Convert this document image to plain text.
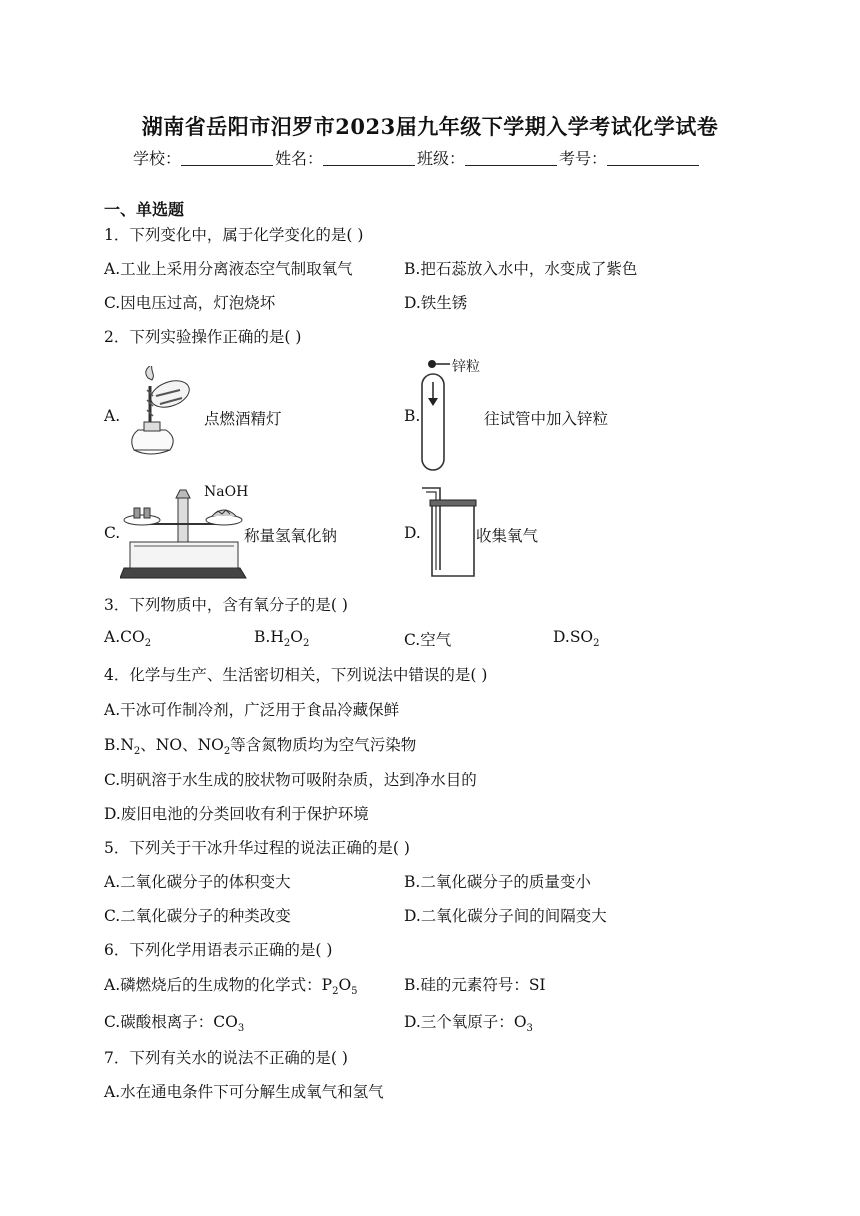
湖南省岳阳市汨罗市2023届九年级下学期入学考试化学试卷
学校：	姓名：	班级：	考号：
一、单选题
1．下列变化中，属于化学变化的是( )
A.工业上采用分离液态空气制取氧气	B.把石蕊放入水中，水变成了紫色
C.因电压过高，灯泡烧坏	D.铁生锈
2．下列实验操作正确的是( )
A.	点燃酒精灯	B.
锌粒
往试管中加入锌粒
C.
NaOH
称量氢氧化钠	D.	收集氧气
3．下列物质中，含有氧分子的是( )
$A.CO_2$	$B.H_2O_2$	C.空气	$D.SO_2$
4．化学与生产、生活密切相关，下列说法中错误的是( )
A.干冰可作制冷剂，广泛用于食品冷藏保鲜
$B.N_2$、NO、$NO_2$等含氮物质均为空气污染物
C.明矾溶于水生成的胶状物可吸附杂质，达到净水目的
D.废旧电池的分类回收有利于保护环境
5．下列关于干冰升华过程的说法正确的是( )
A.二氧化碳分子的体积变大	B.二氧化碳分子的质量变小
C.二氧化碳分子的种类改变	D.二氧化碳分子间的间隔变大
6．下列化学用语表示正确的是( )
A.磷燃烧后的生成物的化学式：$P_2O_5$	B.硅的元素符号：SI
C.碳酸根离子：$CO_3$	D.三个氧原子：$O_3$
7．下列有关水的说法不正确的是( )
A.水在通电条件下可分解生成氧气和氢气
